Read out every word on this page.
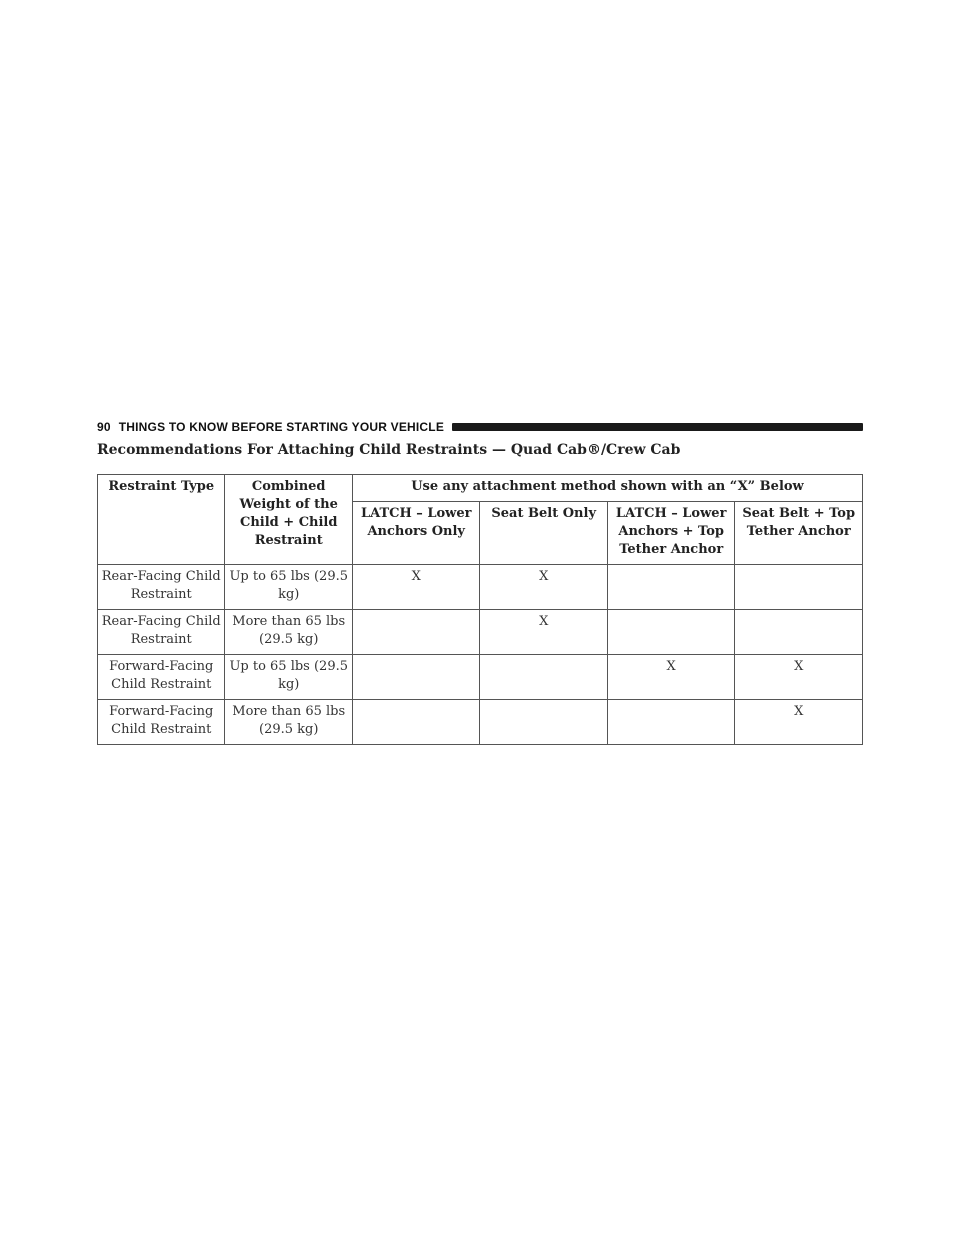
90 THINGS TO KNOW BEFORE STARTING YOUR VEHICLE
Recommendations For Attaching Child Restraints — Quad Cab®/Crew Cab
Restraint Type	Combined Weight of the Child + Child Restraint	Use any attachment method shown with an “X” Below			
		LATCH – Lower Anchors Only	Seat Belt Only	LATCH – Lower Anchors + Top Tether Anchor	Seat Belt + Top Tether Anchor
Rear-Facing Child Restraint	Up to 65 lbs (29.5 kg)	X	X		
Rear-Facing Child Restraint	More than 65 lbs (29.5 kg)		X		
Forward-Facing Child Restraint	Up to 65 lbs (29.5 kg)			X	X
Forward-Facing Child Restraint	More than 65 lbs (29.5 kg)				X
